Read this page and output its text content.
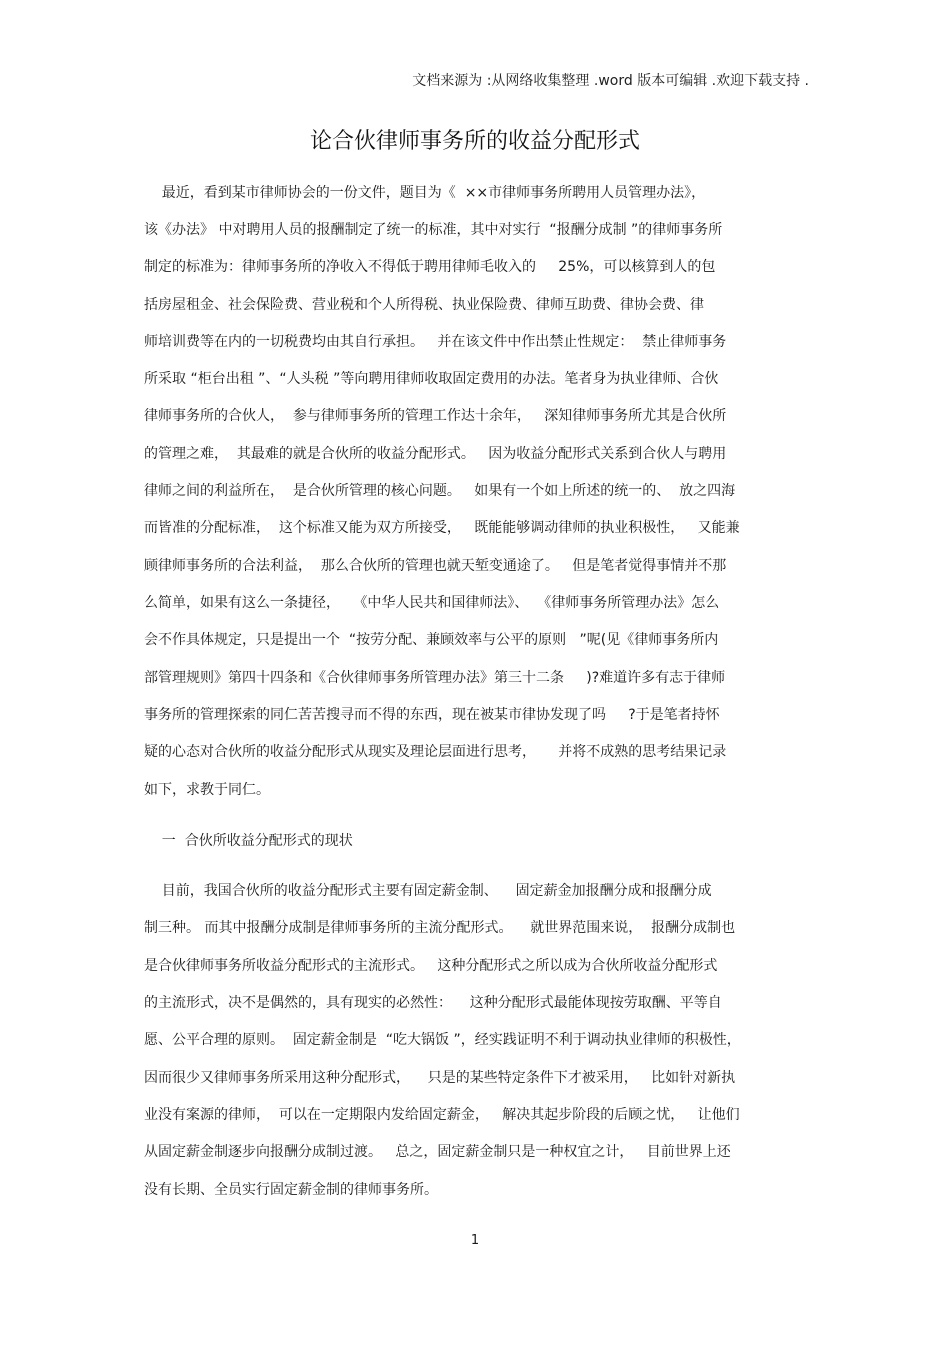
文档来源为 :从网络收集整理 .word 版本可编辑 .欢迎下载支持 .
论合伙律师事务所的收益分配形式
最近，看到某市律师协会的一份文件，题目为《  ××市律师事务所聘用人员管理办法》，
该《办法》 中对聘用人员的报酬制定了统一的标准，其中对实行  “报酬分成制 ”的律师事务所
制定的标准为：律师事务所的净收入不得低于聘用律师毛收入的     25%，可以核算到人的包
括房屋租金、社会保险费、营业税和个人所得税、执业保险费、律师互助费、律协会费、律
师培训费等在内的一切税费均由其自行承担。   并在该文件中作出禁止性规定：  禁止律师事务
所采取 “柜台出租 ”、“人头税 ”等向聘用律师收取固定费用的办法。笔者身为执业律师、合伙
律师事务所的合伙人，  参与律师事务所的管理工作达十余年，   深知律师事务所尤其是合伙所
的管理之难，  其最难的就是合伙所的收益分配形式。   因为收益分配形式关系到合伙人与聘用
律师之间的利益所在，  是合伙所管理的核心问题。   如果有一个如上所述的统一的、  放之四海
而皆准的分配标准，  这个标准又能为双方所接受，   既能能够调动律师的执业积极性，   又能兼
顾律师事务所的合法利益，  那么合伙所的管理也就天堑变通途了。   但是笔者觉得事情并不那
么简单，如果有这么一条捷径，   《中华人民共和国律师法》、  《律师事务所管理办法》怎么
会不作具体规定，只是提出一个  “按劳分配、兼顾效率与公平的原则   ”呢(见《律师事务所内
部管理规则》第四十四条和《合伙律师事务所管理办法》第三十二条     )?难道许多有志于律师
事务所的管理探索的同仁苦苦搜寻而不得的东西，现在被某市律协发现了吗     ?于是笔者持怀
疑的心态对合伙所的收益分配形式从现实及理论层面进行思考，     并将不成熟的思考结果记录
如下，求教于同仁。
一  合伙所收益分配形式的现状
目前，我国合伙所的收益分配形式主要有固定薪金制、    固定薪金加报酬分成和报酬分成
制三种。 而其中报酬分成制是律师事务所的主流分配形式。    就世界范围来说，  报酬分成制也
是合伙律师事务所收益分配形式的主流形式。   这种分配形式之所以成为合伙所收益分配形式
的主流形式，决不是偶然的，具有现实的必然性：    这种分配形式最能体现按劳取酬、平等自
愿、公平合理的原则。  固定薪金制是  “吃大锅饭 ”，经实践证明不利于调动执业律师的积极性，
因而很少又律师事务所采用这种分配形式，    只是的某些特定条件下才被采用，   比如针对新执
业没有案源的律师，  可以在一定期限内发给固定薪金，   解决其起步阶段的后顾之忧，   让他们
从固定薪金制逐步向报酬分成制过渡。   总之，固定薪金制只是一种权宜之计，   目前世界上还
没有长期、全员实行固定薪金制的律师事务所。
1
